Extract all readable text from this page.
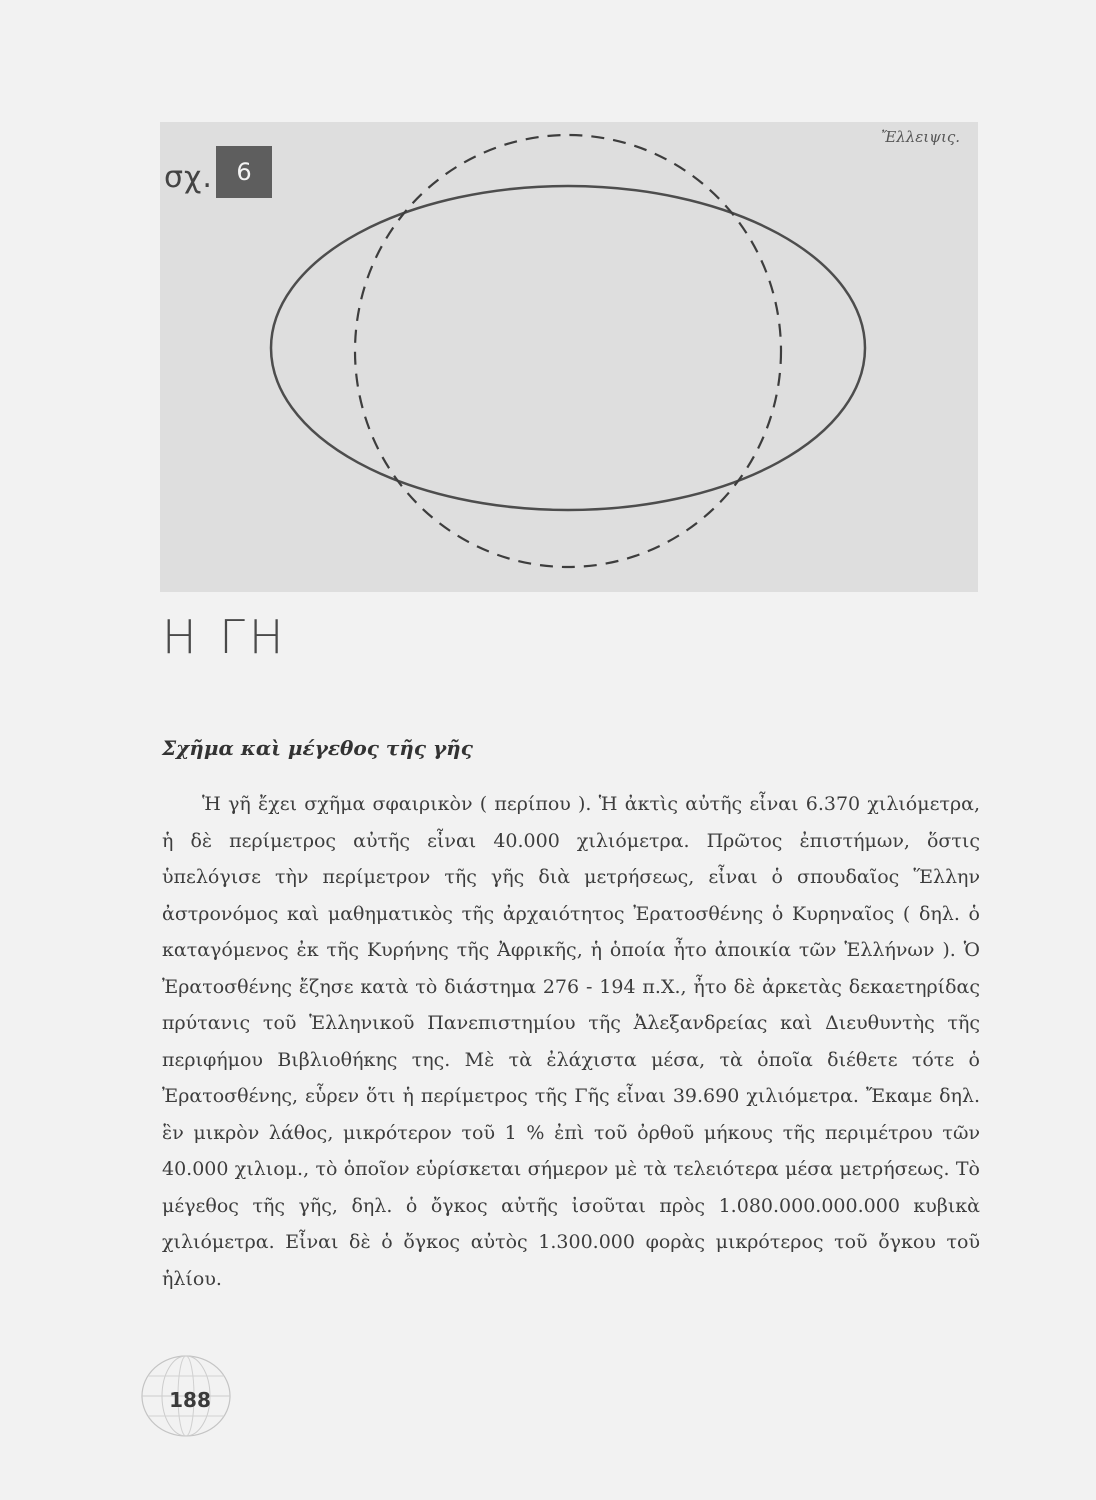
σχ. 6
Ἔλλειψις.
Η ΓΗ
Σχῆμα καὶ μέγεθος τῆς γῆς

Ἡ γῆ ἔχει σχῆμα σφαιρικὸν ( περίπου ). Ἡ ἀκτὶς αὐτῆς εἶναι 6.370 χιλιόμετρα, ἡ δὲ περίμετρος αὐτῆς εἶναι 40.000 χιλιόμετρα. Πρῶτος ἐπιστήμων, ὅστις ὑπελόγισε τὴν περίμετρον τῆς γῆς διὰ μετρήσεως, εἶναι ὁ σπουδαῖος Ἕλλην ἀστρονόμος καὶ μαθηματικὸς τῆς ἀρχαιότητος Ἐρατοσθένης ὁ Κυρηναῖος ( δηλ. ὁ καταγόμενος ἐκ τῆς Κυρήνης τῆς Ἀφρικῆς, ἡ ὁποία ἦτο ἀποικία τῶν Ἑλλήνων ). Ὁ Ἐρατοσθένης ἔζησε κατὰ τὸ διάστημα 276 - 194 π.Χ., ἦτο δὲ ἀρκετὰς δεκαετηρίδας πρύτανις τοῦ Ἑλληνικοῦ Πανεπιστημίου τῆς Ἀλεξανδρείας καὶ Διευθυντὴς τῆς περιφήμου Βιβλιοθήκης της. Μὲ τὰ ἐλάχιστα μέσα, τὰ ὁποῖα διέθετε τότε ὁ Ἐρατοσθένης, εὗρεν ὅτι ἡ περίμετρος τῆς Γῆς εἶναι 39.690 χιλιόμετρα. Ἔκαμε δηλ. ἓν μικρὸν λάθος, μικρότερον τοῦ 1 % ἐπὶ τοῦ ὀρθοῦ μήκους τῆς περιμέτρου τῶν 40.000 χιλιομ., τὸ ὁποῖον εὑρίσκεται σήμερον μὲ τὰ τελειότερα μέσα μετρήσεως. Τὸ μέγεθος τῆς γῆς, δηλ. ὁ ὄγκος αὐτῆς ἰσοῦται πρὸς 1.080.000.000.000 κυβικὰ χιλιόμετρα. Εἶναι δὲ ὁ ὄγκος αὐτὸς 1.300.000 φορὰς μικρότερος τοῦ ὄγκου τοῦ ἡλίου.

188
